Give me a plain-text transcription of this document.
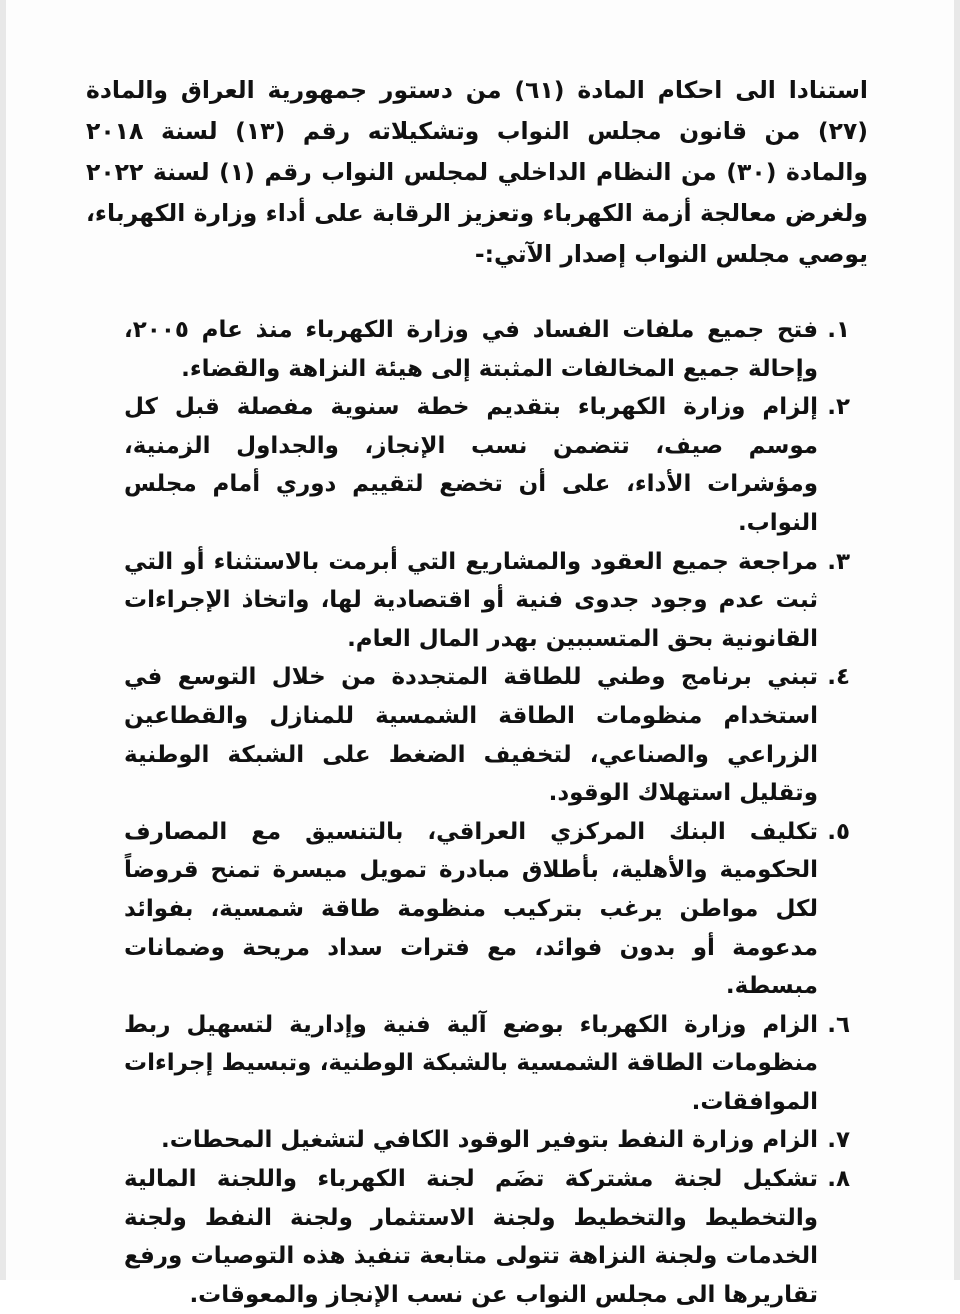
استنادا الى احكام المادة (٦١) من دستور جمهورية العراق والمادة (٢٧) من قانون مجلس النواب وتشكيلاته رقم (١٣) لسنة ٢٠١٨ والمادة (٣٠) من النظام الداخلي لمجلس النواب رقم (١) لسنة ٢٠٢٢ ولغرض معالجة أزمة الكهرباء وتعزيز الرقابة على أداء وزارة الكهرباء، يوصي مجلس النواب إصدار الآتي:-

١.
فتح جميع ملفات الفساد في وزارة الكهرباء منذ عام ٢٠٠٥، وإحالة جميع المخالفات المثبتة إلى هيئة النزاهة والقضاء.
٢.
إلزام وزارة الكهرباء بتقديم خطة سنوية مفصلة قبل كل موسم صيف، تتضمن نسب الإنجاز، والجداول الزمنية، ومؤشرات الأداء، على أن تخضع لتقييم دوري أمام مجلس النواب.
٣.
مراجعة جميع العقود والمشاريع التي أبرمت بالاستثناء أو التي ثبت عدم وجود جدوى فنية أو اقتصادية لها، واتخاذ الإجراءات القانونية بحق المتسببين بهدر المال العام.
٤.
تبني برنامج وطني للطاقة المتجددة من خلال التوسع في استخدام منظومات الطاقة الشمسية للمنازل والقطاعين الزراعي والصناعي، لتخفيف الضغط على الشبكة الوطنية وتقليل استهلاك الوقود.
٥.
تكليف البنك المركزي العراقي، بالتنسيق مع المصارف الحكومية والأهلية، بأطلاق مبادرة تمويل ميسرة تمنح قروضاً لكل مواطن يرغب بتركيب منظومة طاقة شمسية، بفوائد مدعومة أو بدون فوائد، مع فترات سداد مريحة وضمانات مبسطة.
٦.
الزام وزارة الكهرباء بوضع آلية فنية وإدارية لتسهيل ربط منظومات الطاقة الشمسية بالشبكة الوطنية، وتبسيط إجراءات الموافقات.
٧.
الزام وزارة النفط بتوفير الوقود الكافي لتشغيل المحطات.
٨.
تشكيل لجنة مشتركة تضَم لجنة الكهرباء واللجنة المالية والتخطيط والتخطيط ولجنة الاستثمار ولجنة النفط ولجنة الخدمات ولجنة النزاهة تتولى متابعة تنفيذ هذه التوصيات ورفع تقاريرها الى مجلس النواب عن نسب الإنجاز والمعوقات.
